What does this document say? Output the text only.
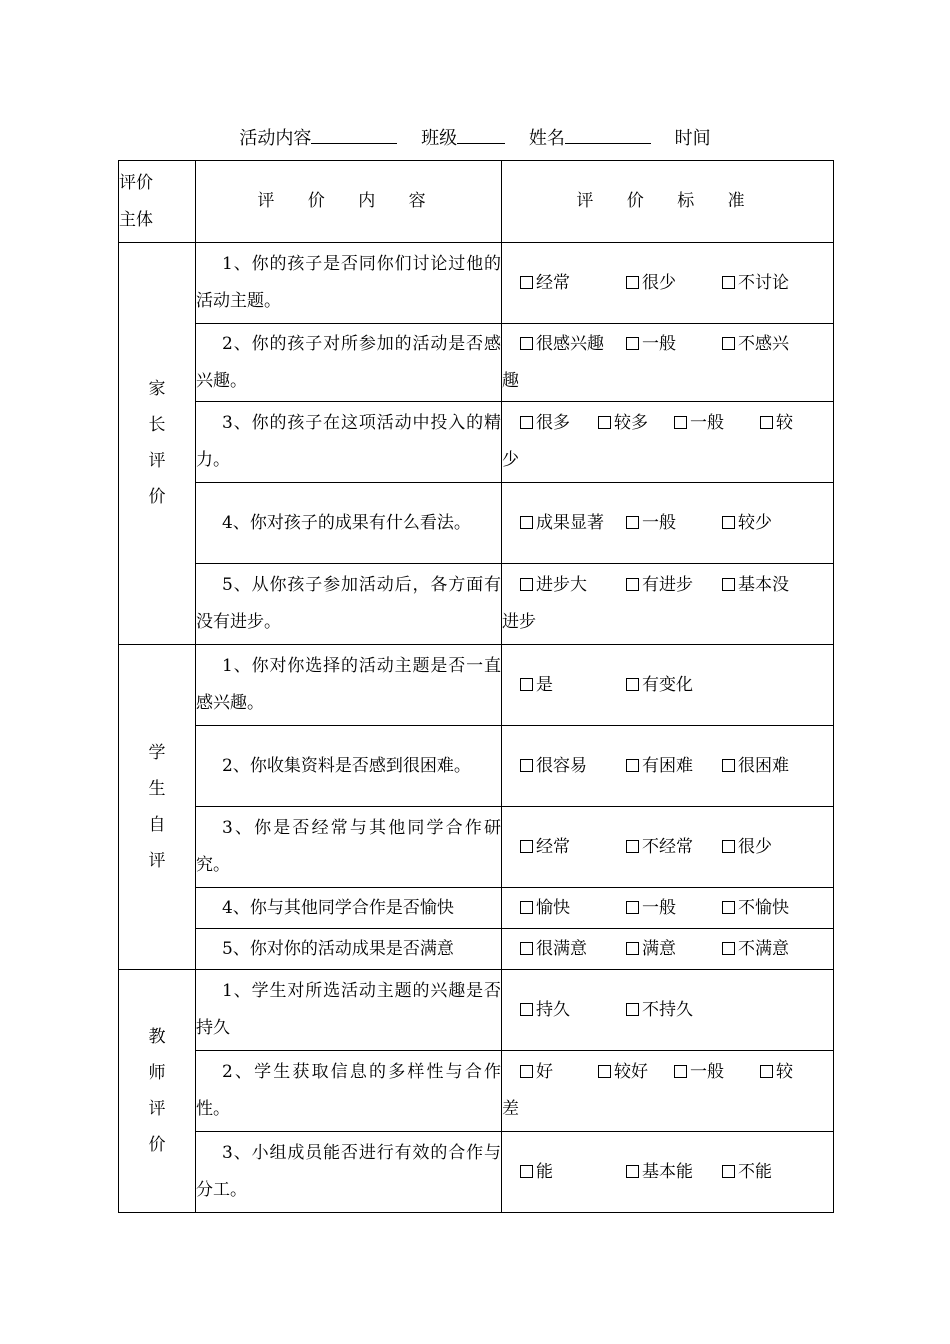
活动内容	班级	姓名	时间
评价主体	评 价 内 容	评 价 标 准

家
长
评
价	1、你的孩子是否同你们讨论过他的活动主题。	经常 很少 不讨论

	2、你的孩子对所参加的活动是否感兴趣。	很感兴趣 一般 不感兴
趣

	3、你的孩子在这项活动中投入的精力。	很多 较多 一般 较
少

	4、你对孩子的成果有什么看法。	成果显著 一般 较少

	5、从你孩子参加活动后，各方面有没有进步。	进步大 有进步 基本没
进步

学
生
自
评	1、你对你选择的活动主题是否一直感兴趣。	是 有变化

	2、你收集资料是否感到很困难。	很容易 有困难 很困难

	3、你是否经常与其他同学合作研究。	经常 不经常 很少

	4、你与其他同学合作是否愉快	愉快 一般 不愉快

	5、你对你的活动成果是否满意	很满意 满意 不满意

教
师
评
价	1、学生对所选活动主题的兴趣是否持久	持久 不持久

	2、学生获取信息的多样性与合作性。	好 较好 一般 较
差

	3、小组成员能否进行有效的合作与分工。	能 基本能 不能
